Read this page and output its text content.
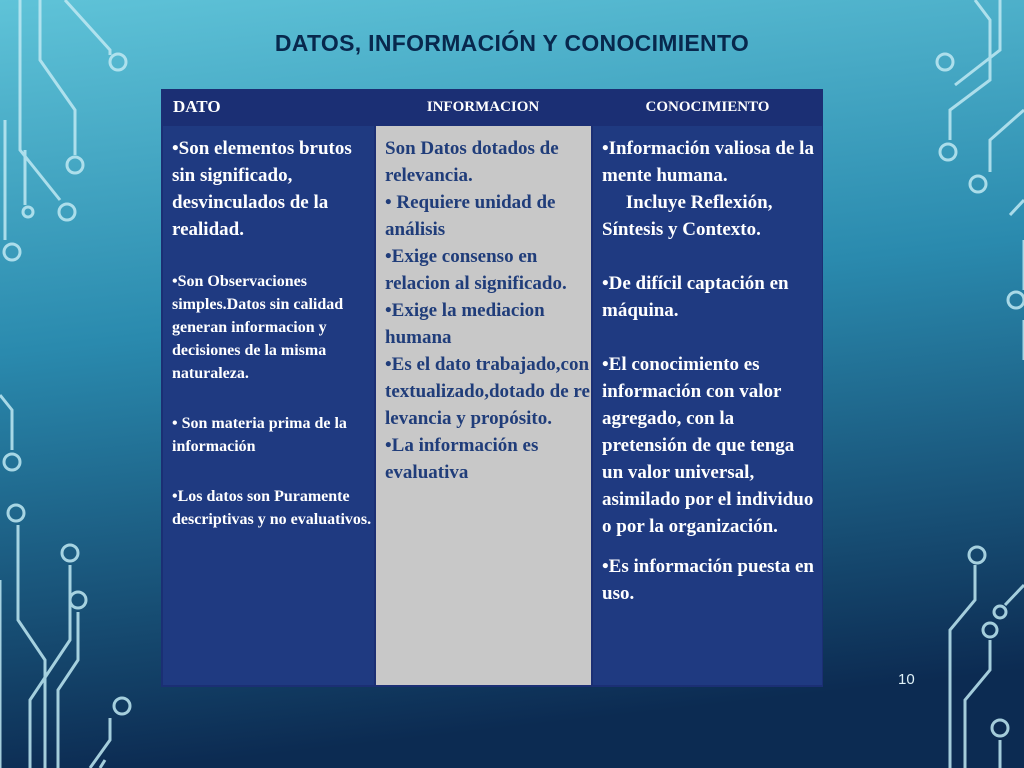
DATOS, INFORMACIÓN Y CONOCIMIENTO
DATO	INFORMACION	CONOCIMIENTO

•Son elementos brutos sin significado, desvinculados de la realidad.

•Son Observaciones simples.Datos sin calidad generan informacion y decisiones de la misma naturaleza.

• Son materia prima de la información

•Los datos son Puramente descriptivas y no evaluativos.

Son Datos dotados de relevancia.

• Requiere unidad de análisis

•Exige consenso en relacion al significado.

•Exige la mediacion humana

•Es el dato trabajado,contextualizado,dotado de relevancia y propósito.

•La información es evaluativa

•Información valiosa de la mente humana.

Incluye Reflexión, Síntesis y Contexto.

•De difícil captación en máquina.

•El conocimiento es información con valor agregado, con la pretensión de que tenga un valor universal, asimilado por el individuo o por la organización.

•Es información puesta en uso.

10
